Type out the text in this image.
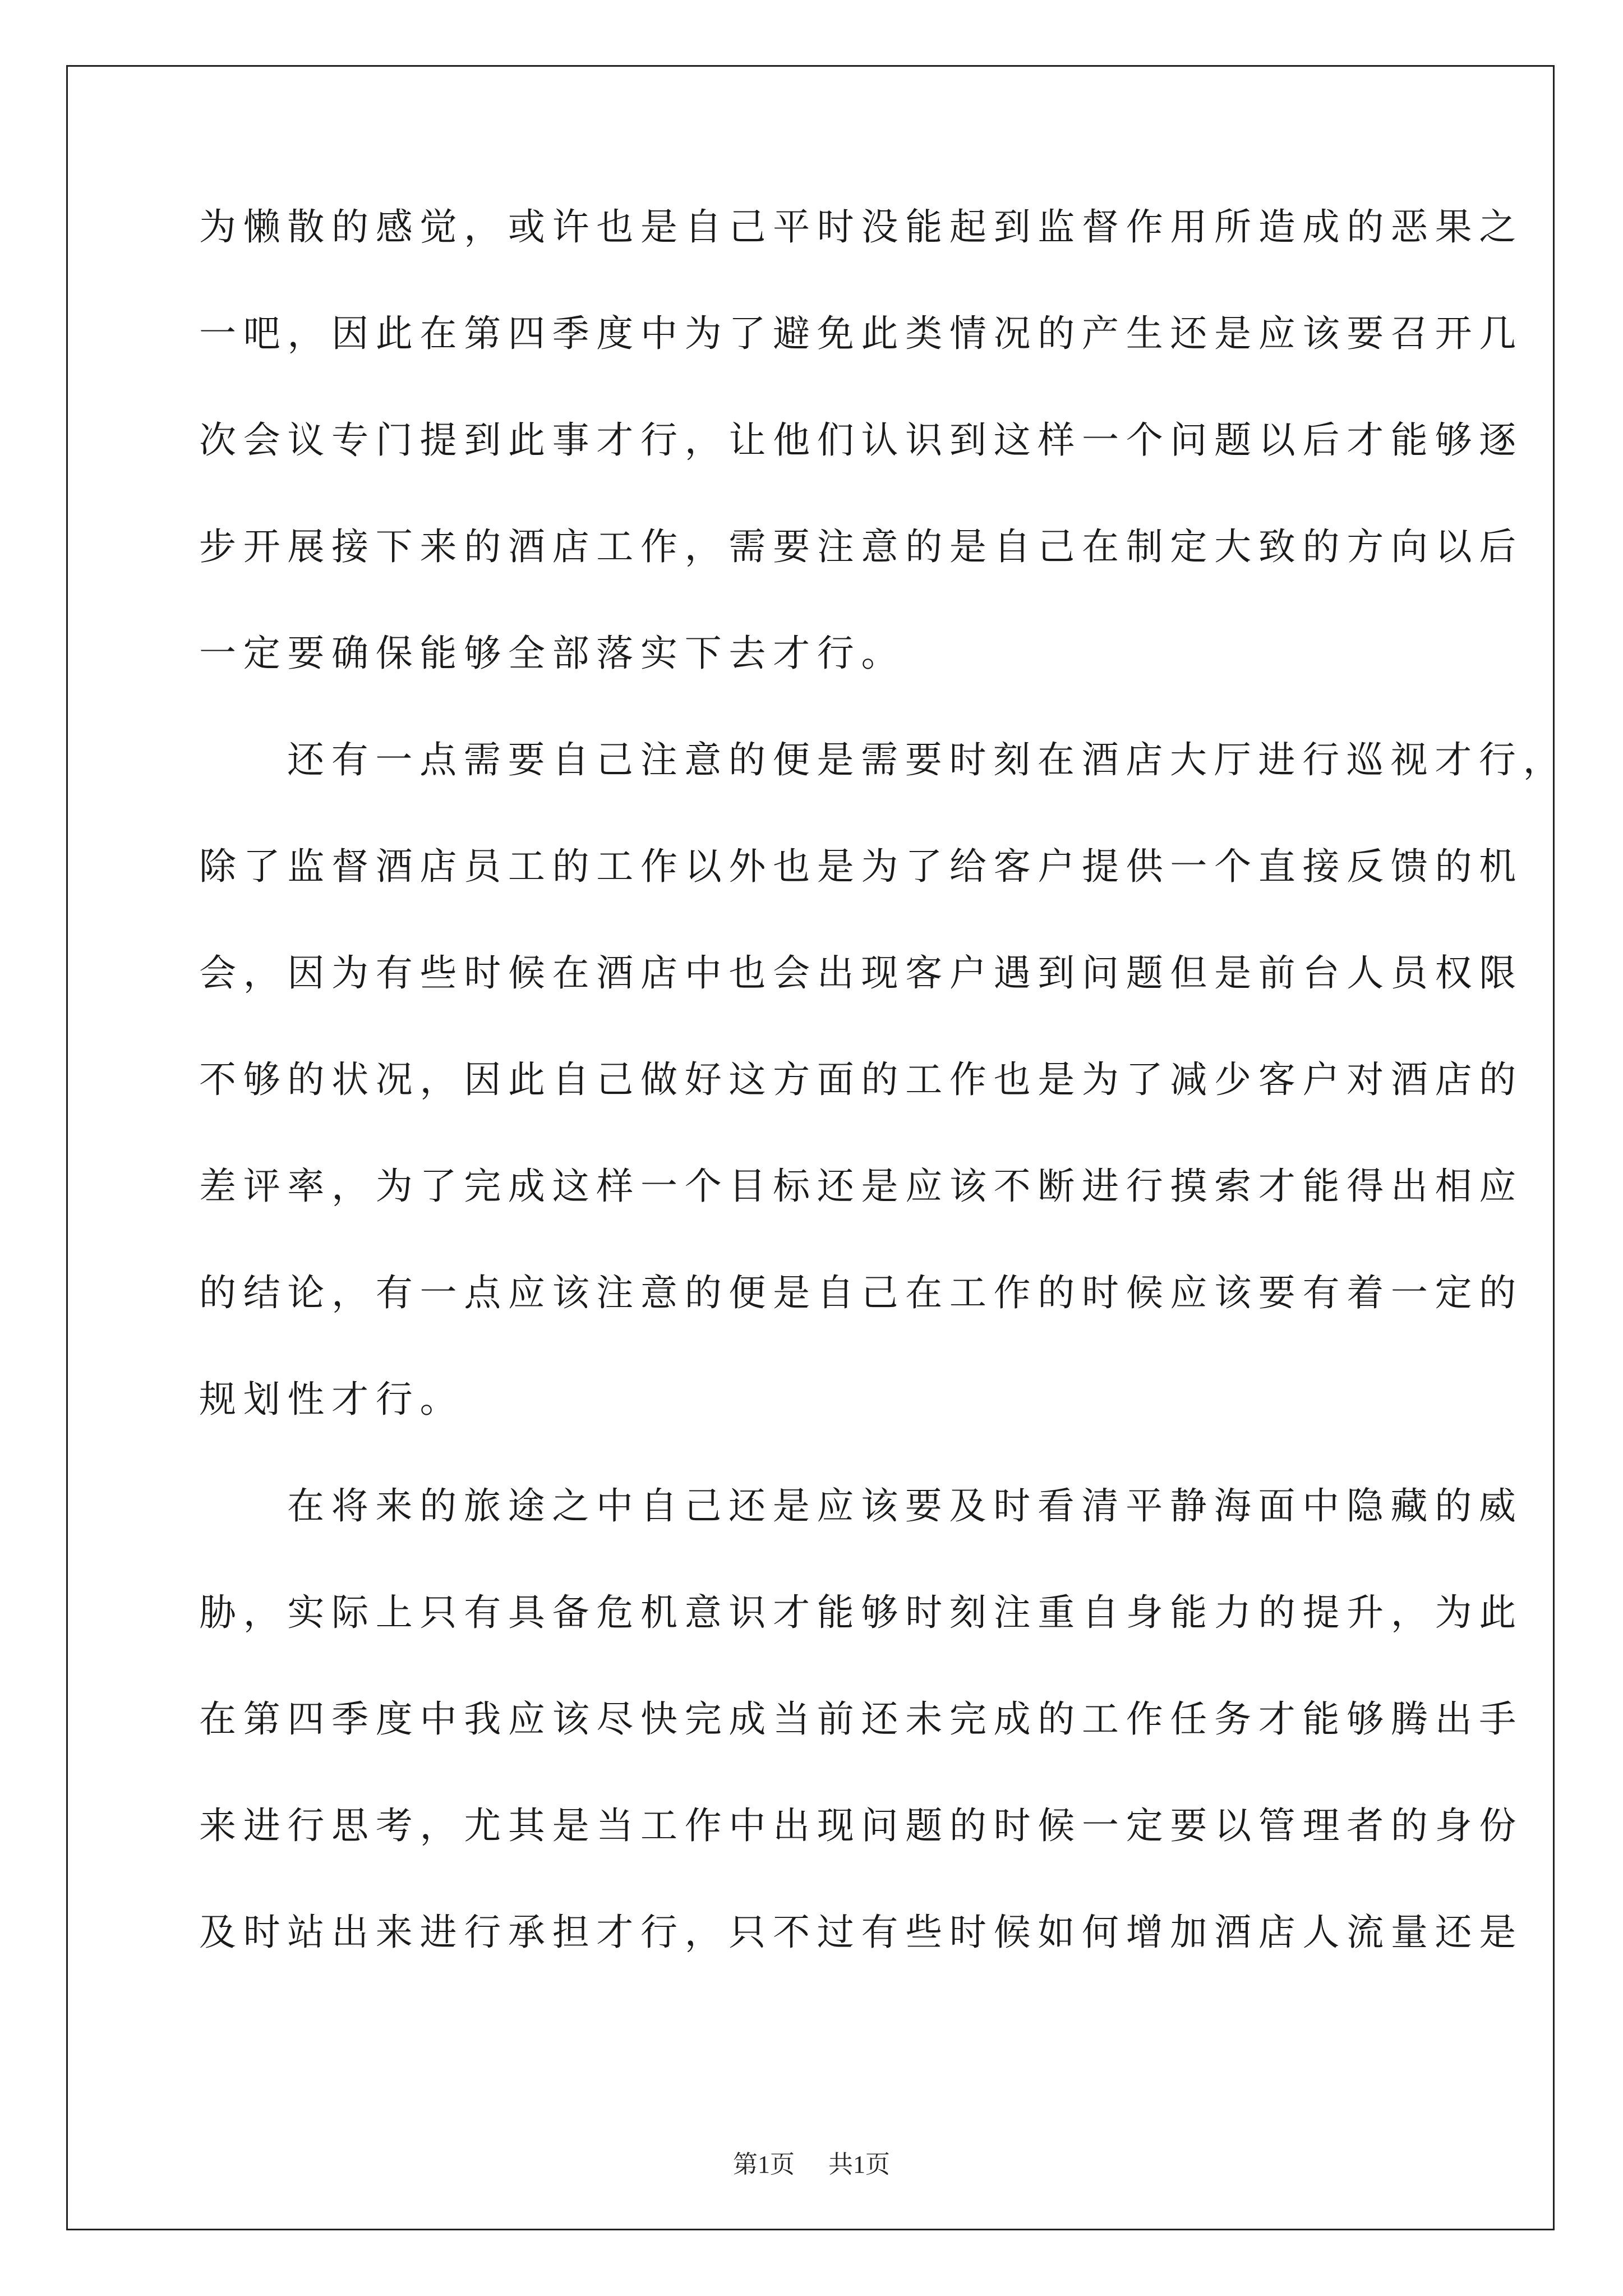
为懒散的感觉，或许也是自己平时没能起到监督作用所造成的恶果之
一吧，因此在第四季度中为了避免此类情况的产生还是应该要召开几
次会议专门提到此事才行，让他们认识到这样一个问题以后才能够逐
步开展接下来的酒店工作，需要注意的是自己在制定大致的方向以后
一定要确保能够全部落实下去才行。
还有一点需要自己注意的便是需要时刻在酒店大厅进行巡视才行，
除了监督酒店员工的工作以外也是为了给客户提供一个直接反馈的机
会，因为有些时候在酒店中也会出现客户遇到问题但是前台人员权限
不够的状况，因此自己做好这方面的工作也是为了减少客户对酒店的
差评率，为了完成这样一个目标还是应该不断进行摸索才能得出相应
的结论，有一点应该注意的便是自己在工作的时候应该要有着一定的
规划性才行。
在将来的旅途之中自己还是应该要及时看清平静海面中隐藏的威
胁，实际上只有具备危机意识才能够时刻注重自身能力的提升，为此
在第四季度中我应该尽快完成当前还未完成的工作任务才能够腾出手
来进行思考，尤其是当工作中出现问题的时候一定要以管理者的身份
及时站出来进行承担才行，只不过有些时候如何增加酒店人流量还是
第1页 共1页
